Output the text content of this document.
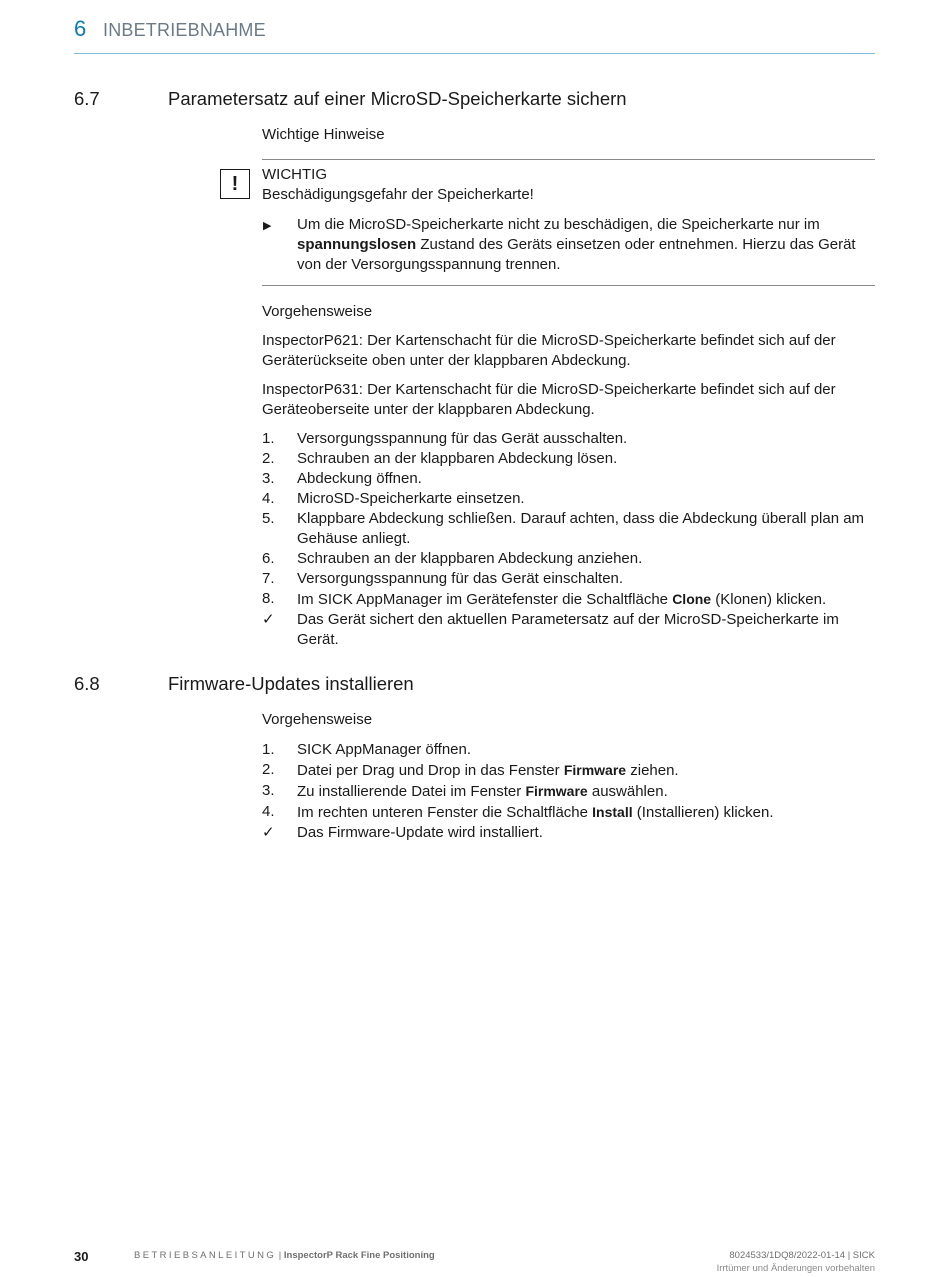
6 INBETRIEBNAHME
6.7	Parametersatz auf einer MicroSD-Speicherkarte sichern
Wichtige Hinweise
!	WICHTIG
Beschädigungsgefahr der Speicherkarte!
▶ Um die MicroSD-Speicherkarte nicht zu beschädigen, die Speicherkarte nur im spannungslosen Zustand des Geräts einsetzen oder entnehmen. Hierzu das Gerät von der Versorgungsspannung trennen.
Vorgehensweise
InspectorP621: Der Kartenschacht für die MicroSD-Speicherkarte befindet sich auf der Geräterückseite oben unter der klappbaren Abdeckung.
InspectorP631: Der Kartenschacht für die MicroSD-Speicherkarte befindet sich auf der Geräteoberseite unter der klappbaren Abdeckung.
1.	Versorgungsspannung für das Gerät ausschalten.
2.	Schrauben an der klappbaren Abdeckung lösen.
3.	Abdeckung öffnen.
4.	MicroSD-Speicherkarte einsetzen.
5.	Klappbare Abdeckung schließen. Darauf achten, dass die Abdeckung überall plan am Gehäuse anliegt.
6.	Schrauben an der klappbaren Abdeckung anziehen.
7.	Versorgungsspannung für das Gerät einschalten.
8.	Im SICK AppManager im Gerätefenster die Schaltfläche Clone (Klonen) klicken.
✓	Das Gerät sichert den aktuellen Parametersatz auf der MicroSD-Speicherkarte im Gerät.
6.8	Firmware-Updates installieren
Vorgehensweise
1.	SICK AppManager öffnen.
2.	Datei per Drag und Drop in das Fenster Firmware ziehen.
3.	Zu installierende Datei im Fenster Firmware auswählen.
4.	Im rechten unteren Fenster die Schaltfläche Install (Installieren) klicken.
✓	Das Firmware-Update wird installiert.
30	BETRIEBSANLEITUNG | InspectorP Rack Fine Positioning	8024533/1DQ8/2022-01-14 | SICK
Irrtümer und Änderungen vorbehalten
